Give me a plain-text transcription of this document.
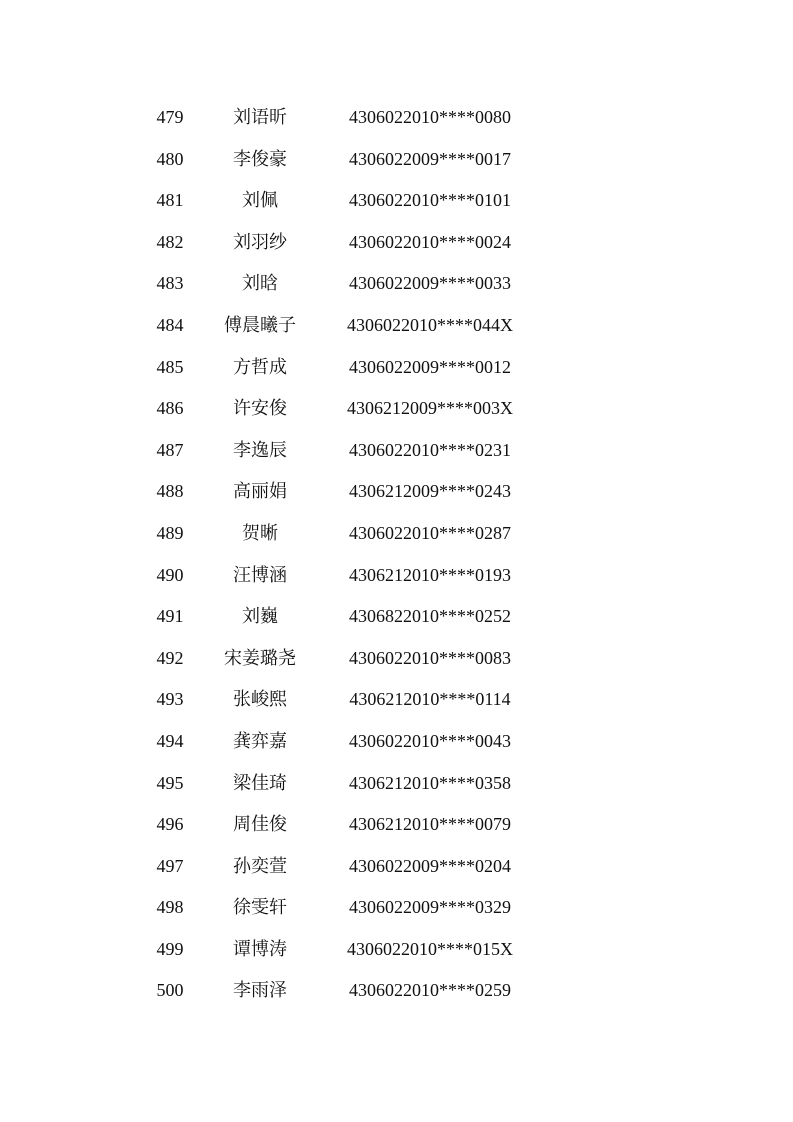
479	刘语昕	4306022010****0080
480	李俊豪	4306022009****0017
481	刘佩	4306022010****0101
482	刘羽纱	4306022010****0024
483	刘晗	4306022009****0033
484	傅晨曦子	4306022010****044X
485	方哲成	4306022009****0012
486	许安俊	4306212009****003X
487	李逸辰	4306022010****0231
488	高丽娟	4306212009****0243
489	贺晰	4306022010****0287
490	汪博涵	4306212010****0193
491	刘巍	4306822010****0252
492	宋姜璐尧	4306022010****0083
493	张峻熙	4306212010****0114
494	龚弈嘉	4306022010****0043
495	梁佳琦	4306212010****0358
496	周佳俊	4306212010****0079
497	孙奕萱	4306022009****0204
498	徐雯轩	4306022009****0329
499	谭博涛	4306022010****015X
500	李雨泽	4306022010****0259
